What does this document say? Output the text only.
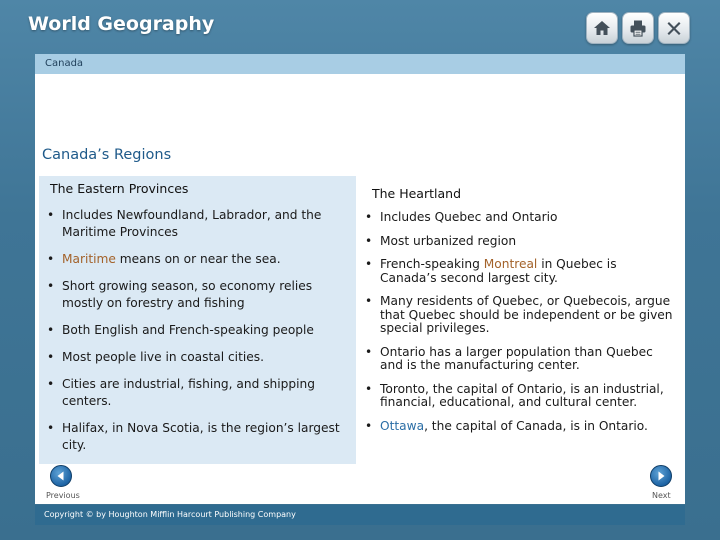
World Geography
Canada
Canada’s Regions
The Eastern Provinces
• Includes Newfoundland, Labrador, and the Maritime Provinces
• Maritime means on or near the sea.
• Short growing season, so economy relies mostly on forestry and fishing
• Both English and French-speaking people
• Most people live in coastal cities.
• Cities are industrial, fishing, and shipping centers.
• Halifax, in Nova Scotia, is the region’s largest city.
The Heartland
• Includes Quebec and Ontario
• Most urbanized region
• French-speaking Montreal in Quebec is Canada’s second largest city.
• Many residents of Quebec, or Quebecois, argue that Quebec should be independent or be given special privileges.
• Ontario has a larger population than Quebec and is the manufacturing center.
• Toronto, the capital of Ontario, is an industrial, financial, educational, and cultural center.
• Ottawa, the capital of Canada, is in Ontario.
Previous	Next
Copyright © by Houghton Mifflin Harcourt Publishing Company
